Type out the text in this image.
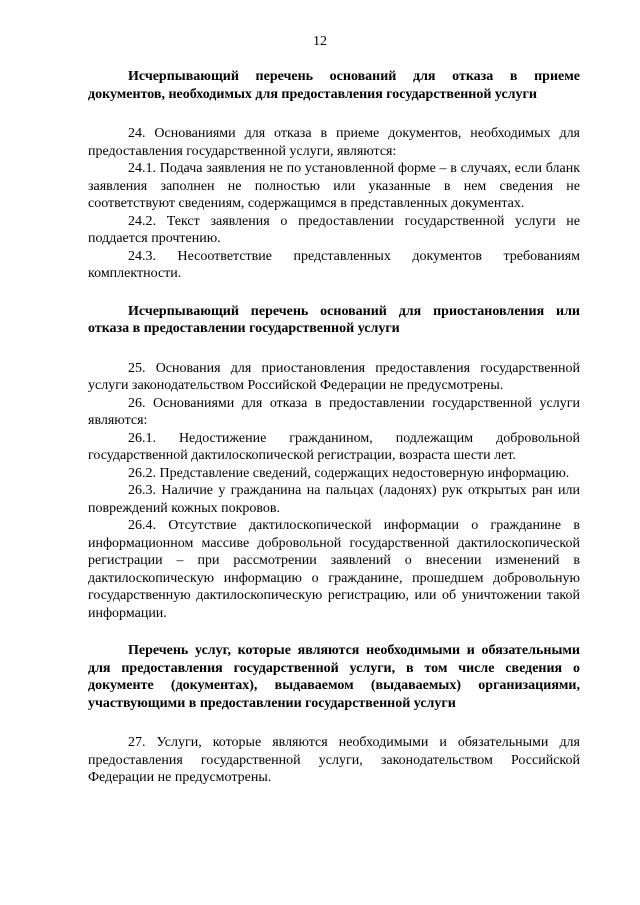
12

Исчерпывающий перечень оснований для отказа в приеме документов, необходимых для предоставления государственной услуги

24. Основаниями для отказа в приеме документов, необходимых для предоставления государственной услуги, являются:

24.1. Подача заявления не по установленной форме – в случаях, если бланк заявления заполнен не полностью или указанные в нем сведения не соответствуют сведениям, содержащимся в представленных документах.

24.2. Текст заявления о предоставлении государственной услуги не поддается прочтению.

24.3. Несоответствие представленных документов требованиям комплектности.

Исчерпывающий перечень оснований для приостановления или отказа в предоставлении государственной услуги

25. Основания для приостановления предоставления государственной услуги законодательством Российской Федерации не предусмотрены.

26. Основаниями для отказа в предоставлении государственной услуги являются:

26.1. Недостижение гражданином, подлежащим добровольной государственной дактилоскопической регистрации, возраста шести лет.

26.2. Представление сведений, содержащих недостоверную информацию.

26.3. Наличие у гражданина на пальцах (ладонях) рук открытых ран или повреждений кожных покровов.

26.4. Отсутствие дактилоскопической информации о гражданине в информационном массиве добровольной государственной дактилоскопической регистрации – при рассмотрении заявлений о внесении изменений в дактилоскопическую информацию о гражданине, прошедшем добровольную государственную дактилоскопическую регистрацию, или об уничтожении такой информации.

Перечень услуг, которые являются необходимыми и обязательными для предоставления государственной услуги, в том числе сведения о документе (документах), выдаваемом (выдаваемых) организациями, участвующими в предоставлении государственной услуги

27. Услуги, которые являются необходимыми и обязательными для предоставления государственной услуги, законодательством Российской Федерации не предусмотрены.
